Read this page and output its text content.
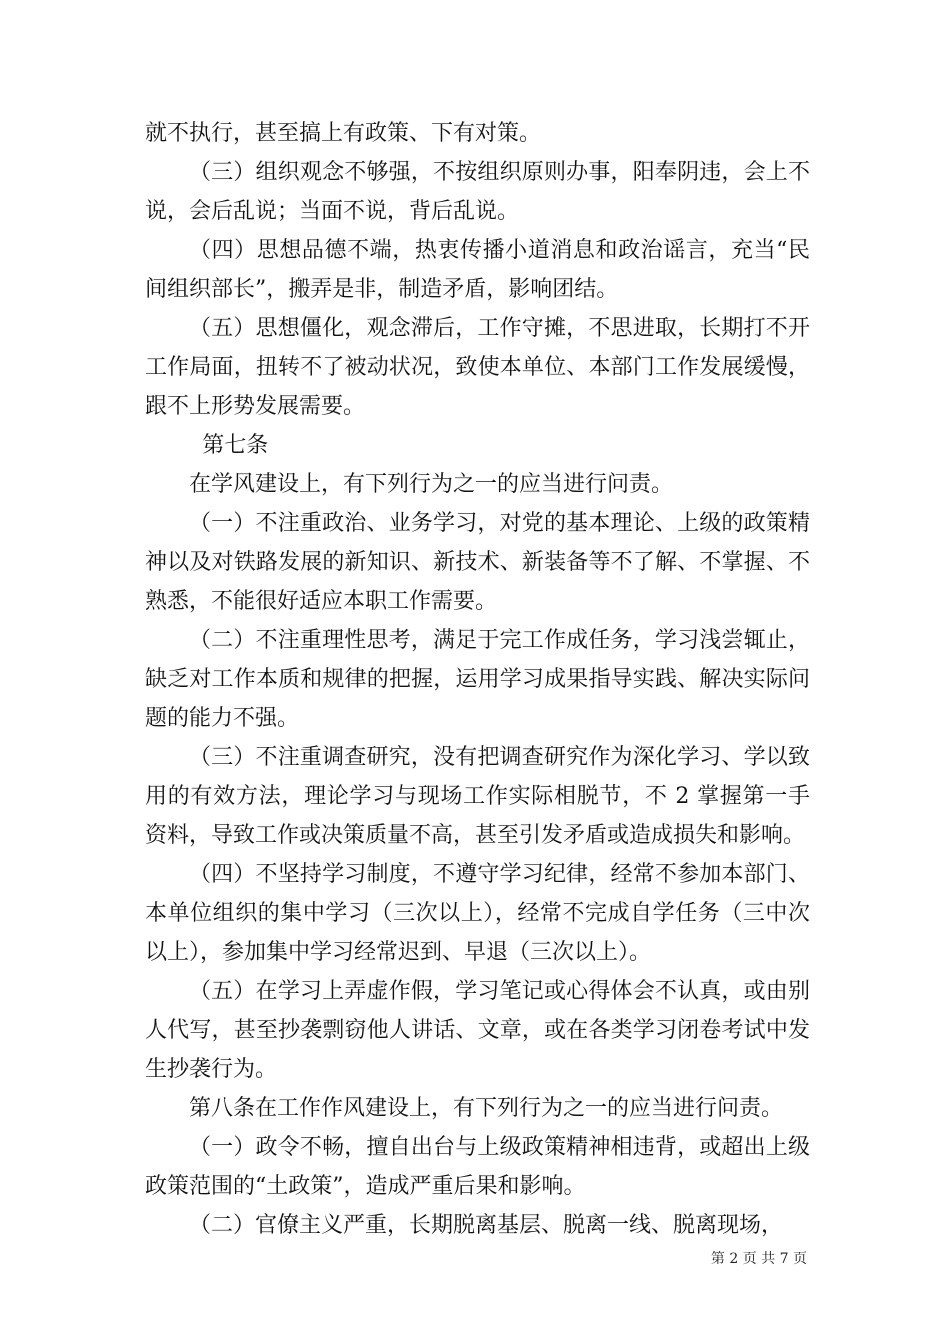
就不执行，甚至搞上有政策、下有对策。

（三）组织观念不够强，不按组织原则办事，阳奉阴违，会上不说，会后乱说；当面不说，背后乱说。

（四）思想品德不端，热衷传播小道消息和政治谣言，充当“民间组织部长”，搬弄是非，制造矛盾，影响团结。

（五）思想僵化，观念滞后，工作守摊，不思进取，长期打不开工作局面，扭转不了被动状况，致使本单位、本部门工作发展缓慢，跟不上形势发展需要。

第七条

在学风建设上，有下列行为之一的应当进行问责。

（一）不注重政治、业务学习，对党的基本理论、上级的政策精神以及对铁路发展的新知识、新技术、新装备等不了解、不掌握、不熟悉，不能很好适应本职工作需要。

（二）不注重理性思考，满足于完工作成任务，学习浅尝辄止，缺乏对工作本质和规律的把握，运用学习成果指导实践、解决实际问题的能力不强。

（三）不注重调查研究，没有把调查研究作为深化学习、学以致用的有效方法，理论学习与现场工作实际相脱节，不 2 掌握第一手资料，导致工作或决策质量不高，甚至引发矛盾或造成损失和影响。

（四）不坚持学习制度，不遵守学习纪律，经常不参加本部门、本单位组织的集中学习（三次以上），经常不完成自学任务（三中次以上），参加集中学习经常迟到、早退（三次以上）。

（五）在学习上弄虚作假，学习笔记或心得体会不认真，或由别人代写，甚至抄袭剽窃他人讲话、文章，或在各类学习闭卷考试中发生抄袭行为。

第八条在工作作风建设上，有下列行为之一的应当进行问责。

（一）政令不畅，擅自出台与上级政策精神相违背，或超出上级政策范围的“土政策”，造成严重后果和影响。

（二）官僚主义严重，长期脱离基层、脱离一线、脱离现场，

第 2 页 共 7 页
